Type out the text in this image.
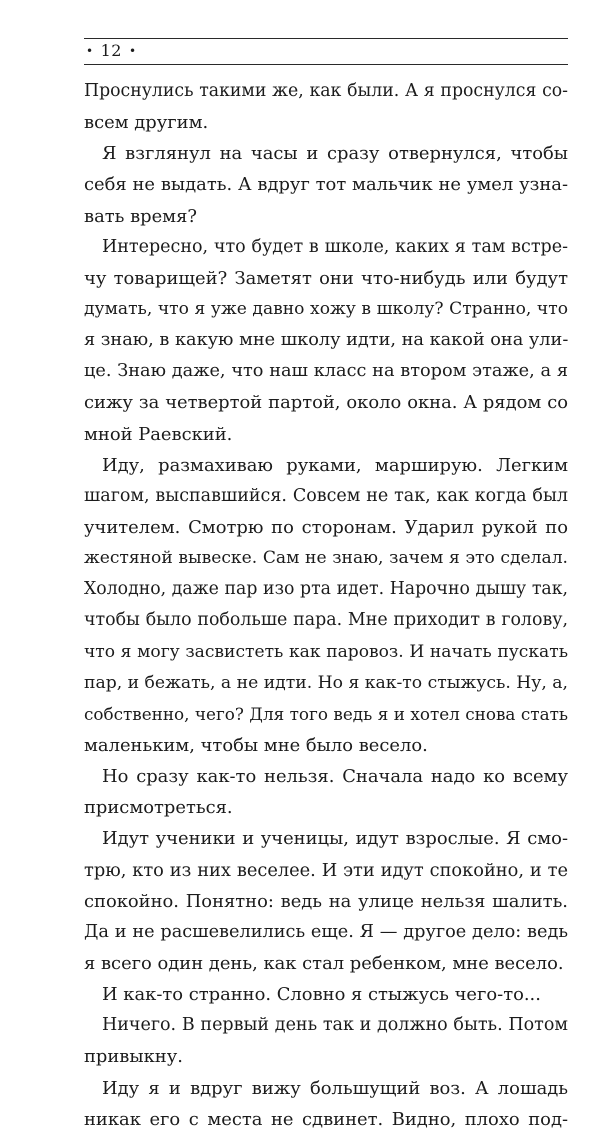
• 12 •
Проснулись такими же, как были. А я проснулся со-
всем другим.
Я взглянул на часы и сразу отвернулся, чтобы
себя не выдать. А вдруг тот мальчик не умел узна-
вать время?
Интересно, что будет в школе, каких я там встре-
чу товарищей? Заметят они что-нибудь или будут
думать, что я уже давно хожу в школу? Странно, что
я знаю, в какую мне школу идти, на какой она ули-
це. Знаю даже, что наш класс на втором этаже, а я
сижу за четвертой партой, около окна. А рядом со
мной Раевский.
Иду, размахиваю руками, марширую. Легким
шагом, выспавшийся. Совсем не так, как когда был
учителем. Смотрю по сторонам. Ударил рукой по
жестяной вывеске. Сам не знаю, зачем я это сделал.
Холодно, даже пар изо рта идет. Нарочно дышу так,
чтобы было побольше пара. Мне приходит в голову,
что я могу засвистеть как паровоз. И начать пускать
пар, и бежать, а не идти. Но я как-то стыжусь. Ну, а,
собственно, чего? Для того ведь я и хотел снова стать
маленьким, чтобы мне было весело.
Но сразу как-то нельзя. Сначала надо ко всему
присмотреться.
Идут ученики и ученицы, идут взрослые. Я смо-
трю, кто из них веселее. И эти идут спокойно, и те
спокойно. Понятно: ведь на улице нельзя шалить.
Да и не расшевелились еще. Я — другое дело: ведь
я всего один день, как стал ребенком, мне весело.
И как-то странно. Словно я стыжусь чего-то...
Ничего. В первый день так и должно быть. Потом
привыкну.
Иду я и вдруг вижу большущий воз. А лошадь
никак его с места не сдвинет. Видно, плохо под-
